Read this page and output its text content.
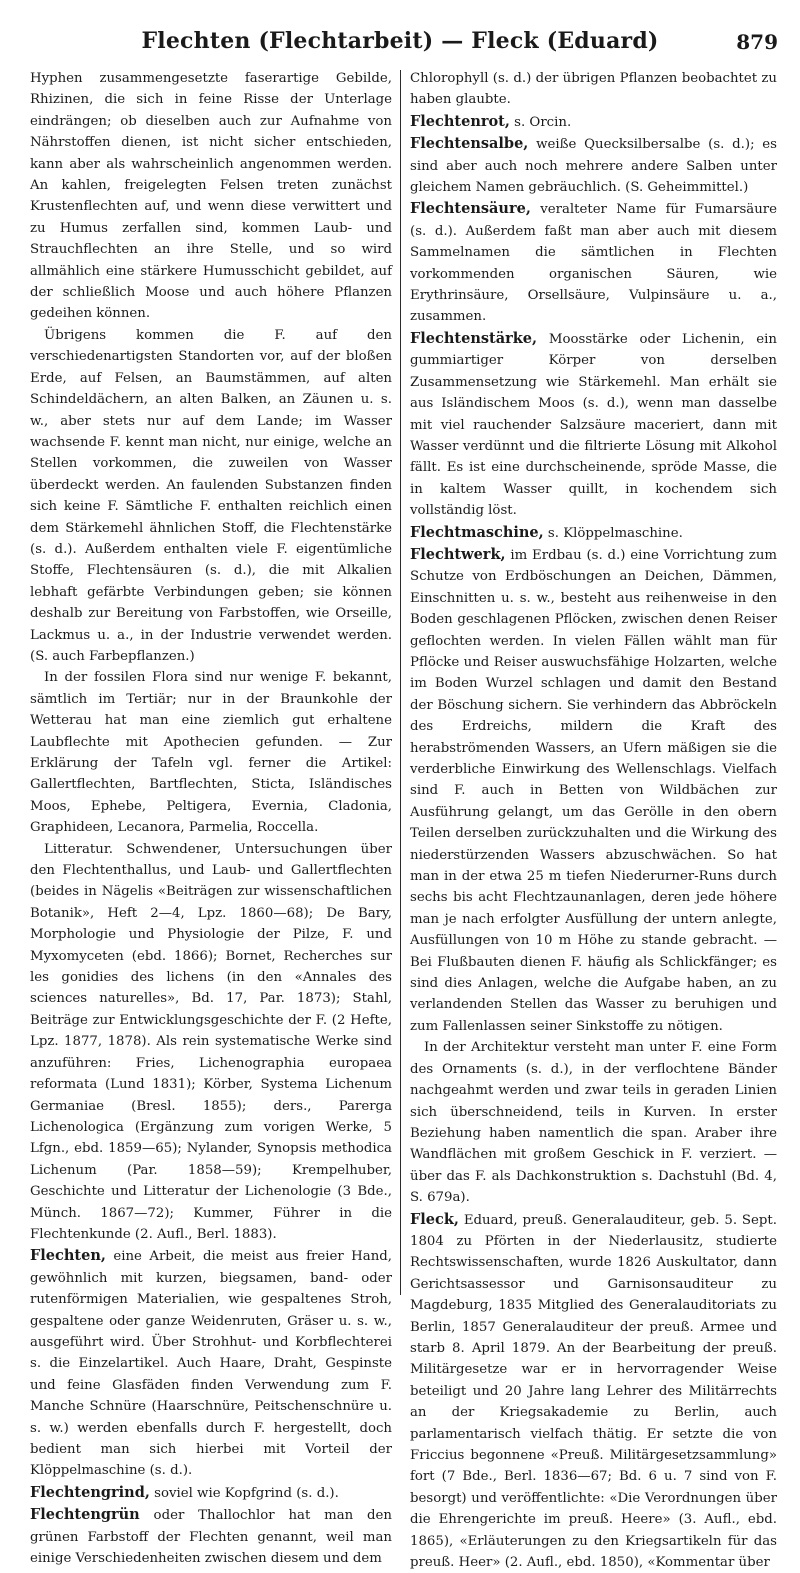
Flechten (Flechtarbeit) — Fleck (Eduard)	879

Hyphen zusammengesetzte faserartige Gebilde, Rhizinen, die sich in feine Risse der Unterlage eindrängen; ob dieselben auch zur Aufnahme von Nährstoffen dienen, ist nicht sicher entschieden, kann aber als wahrscheinlich angenommen werden. An kahlen, freigelegten Felsen treten zunächst Krustenflechten auf, und wenn diese verwittert und zu Humus zerfallen sind, kommen Laub- und Strauchflechten an ihre Stelle, und so wird allmählich eine stärkere Humusschicht gebildet, auf der schließlich Moose und auch höhere Pflanzen gedeihen können.

Übrigens kommen die F. auf den verschiedenartigsten Standorten vor, auf der bloßen Erde, auf Felsen, an Baumstämmen, auf alten Schindeldächern, an alten Balken, an Zäunen u. s. w., aber stets nur auf dem Lande; im Wasser wachsende F. kennt man nicht, nur einige, welche an Stellen vorkommen, die zuweilen von Wasser überdeckt werden. An faulenden Substanzen finden sich keine F. Sämtliche F. enthalten reichlich einen dem Stärkemehl ähnlichen Stoff, die Flechtenstärke (s. d.). Außerdem enthalten viele F. eigentümliche Stoffe, Flechtensäuren (s. d.), die mit Alkalien lebhaft gefärbte Verbindungen geben; sie können deshalb zur Bereitung von Farbstoffen, wie Orseille, Lackmus u. a., in der Industrie verwendet werden. (S. auch Farbepflanzen.)

In der fossilen Flora sind nur wenige F. bekannt, sämtlich im Tertiär; nur in der Braunkohle der Wetterau hat man eine ziemlich gut erhaltene Laubflechte mit Apothecien gefunden. — Zur Erklärung der Tafeln vgl. ferner die Artikel: Gallertflechten, Bartflechten, Sticta, Isländisches Moos, Ephebe, Peltigera, Evernia, Cladonia, Graphideen, Lecanora, Parmelia, Roccella.

Litteratur. Schwendener, Untersuchungen über den Flechtenthallus, und Laub- und Gallertflechten (beides in Nägelis «Beiträgen zur wissenschaftlichen Botanik», Heft 2—4, Lpz. 1860—68); De Bary, Morphologie und Physiologie der Pilze, F. und Myxomyceten (ebd. 1866); Bornet, Recherches sur les gonidies des lichens (in den «Annales des sciences naturelles», Bd. 17, Par. 1873); Stahl, Beiträge zur Entwicklungsgeschichte der F. (2 Hefte, Lpz. 1877, 1878). Als rein systematische Werke sind anzuführen: Fries, Lichenographia europaea reformata (Lund 1831); Körber, Systema Lichenum Germaniae (Bresl. 1855); ders., Parerga Lichenologica (Ergänzung zum vorigen Werke, 5 Lfgn., ebd. 1859—65); Nylander, Synopsis methodica Lichenum (Par. 1858—59); Krempelhuber, Geschichte und Litteratur der Lichenologie (3 Bde., Münch. 1867—72); Kummer, Führer in die Flechtenkunde (2. Aufl., Berl. 1883).

Flechten, eine Arbeit, die meist aus freier Hand, gewöhnlich mit kurzen, biegsamen, band- oder rutenförmigen Materialien, wie gespaltenes Stroh, gespaltene oder ganze Weidenruten, Gräser u. s. w., ausgeführt wird. Über Strohhut- und Korbflechterei s. die Einzelartikel. Auch Haare, Draht, Gespinste und feine Glasfäden finden Verwendung zum F. Manche Schnüre (Haarschnüre, Peitschenschnüre u. s. w.) werden ebenfalls durch F. hergestellt, doch bedient man sich hierbei mit Vorteil der Klöppelmaschine (s. d.).

Flechtengrind, soviel wie Kopfgrind (s. d.).

Flechtengrün oder Thallochlor hat man den grünen Farbstoff der Flechten genannt, weil man einige Verschiedenheiten zwischen diesem und dem

Chlorophyll (s. d.) der übrigen Pflanzen beobachtet zu haben glaubte.

Flechtenrot, s. Orcin.

Flechtensalbe, weiße Quecksilbersalbe (s. d.); es sind aber auch noch mehrere andere Salben unter gleichem Namen gebräuchlich. (S. Geheimmittel.)

Flechtensäure, veralteter Name für Fumarsäure (s. d.). Außerdem faßt man aber auch mit diesem Sammelnamen die sämtlichen in Flechten vorkommenden organischen Säuren, wie Erythrinsäure, Orsellsäure, Vulpinsäure u. a., zusammen.

Flechtenstärke, Moosstärke oder Lichenin, ein gummiartiger Körper von derselben Zusammensetzung wie Stärkemehl. Man erhält sie aus Isländischem Moos (s. d.), wenn man dasselbe mit viel rauchender Salzsäure maceriert, dann mit Wasser verdünnt und die filtrierte Lösung mit Alkohol fällt. Es ist eine durchscheinende, spröde Masse, die in kaltem Wasser quillt, in kochendem sich vollständig löst.

Flechtmaschine, s. Klöppelmaschine.

Flechtwerk, im Erdbau (s. d.) eine Vorrichtung zum Schutze von Erdböschungen an Deichen, Dämmen, Einschnitten u. s. w., besteht aus reihenweise in den Boden geschlagenen Pflöcken, zwischen denen Reiser geflochten werden. In vielen Fällen wählt man für Pflöcke und Reiser auswuchsfähige Holzarten, welche im Boden Wurzel schlagen und damit den Bestand der Böschung sichern. Sie verhindern das Abbröckeln des Erdreichs, mildern die Kraft des herabströmenden Wassers, an Ufern mäßigen sie die verderbliche Einwirkung des Wellenschlags. Vielfach sind F. auch in Betten von Wildbächen zur Ausführung gelangt, um das Gerölle in den obern Teilen derselben zurückzuhalten und die Wirkung des niederstürzenden Wassers abzuschwächen. So hat man in der etwa 25 m tiefen Niederurner-Runs durch sechs bis acht Flechtzaunanlagen, deren jede höhere man je nach erfolgter Ausfüllung der untern anlegte, Ausfüllungen von 10 m Höhe zu stande gebracht. — Bei Flußbauten dienen F. häufig als Schlickfänger; es sind dies Anlagen, welche die Aufgabe haben, an zu verlandenden Stellen das Wasser zu beruhigen und zum Fallenlassen seiner Sinkstoffe zu nötigen.

In der Architektur versteht man unter F. eine Form des Ornaments (s. d.), in der verflochtene Bänder nachgeahmt werden und zwar teils in geraden Linien sich überschneidend, teils in Kurven. In erster Beziehung haben namentlich die span. Araber ihre Wandflächen mit großem Geschick in F. verziert. — über das F. als Dachkonstruktion s. Dachstuhl (Bd. 4, S. 679a).

Fleck, Eduard, preuß. Generalauditeur, geb. 5. Sept. 1804 zu Pförten in der Niederlausitz, studierte Rechtswissenschaften, wurde 1826 Auskultator, dann Gerichtsassessor und Garnisonsauditeur zu Magdeburg, 1835 Mitglied des Generalauditoriats zu Berlin, 1857 Generalauditeur der preuß. Armee und starb 8. April 1879. An der Bearbeitung der preuß. Militärgesetze war er in hervorragender Weise beteiligt und 20 Jahre lang Lehrer des Militärrechts an der Kriegsakademie zu Berlin, auch parlamentarisch vielfach thätig. Er setzte die von Friccius begonnene «Preuß. Militärgesetzsammlung» fort (7 Bde., Berl. 1836—67; Bd. 6 u. 7 sind von F. besorgt) und veröffentlichte: «Die Verordnungen über die Ehrengerichte im preuß. Heere» (3. Aufl., ebd. 1865), «Erläuterungen zu den Kriegsartikeln für das preuß. Heer» (2. Aufl., ebd. 1850), «Kommentar über
